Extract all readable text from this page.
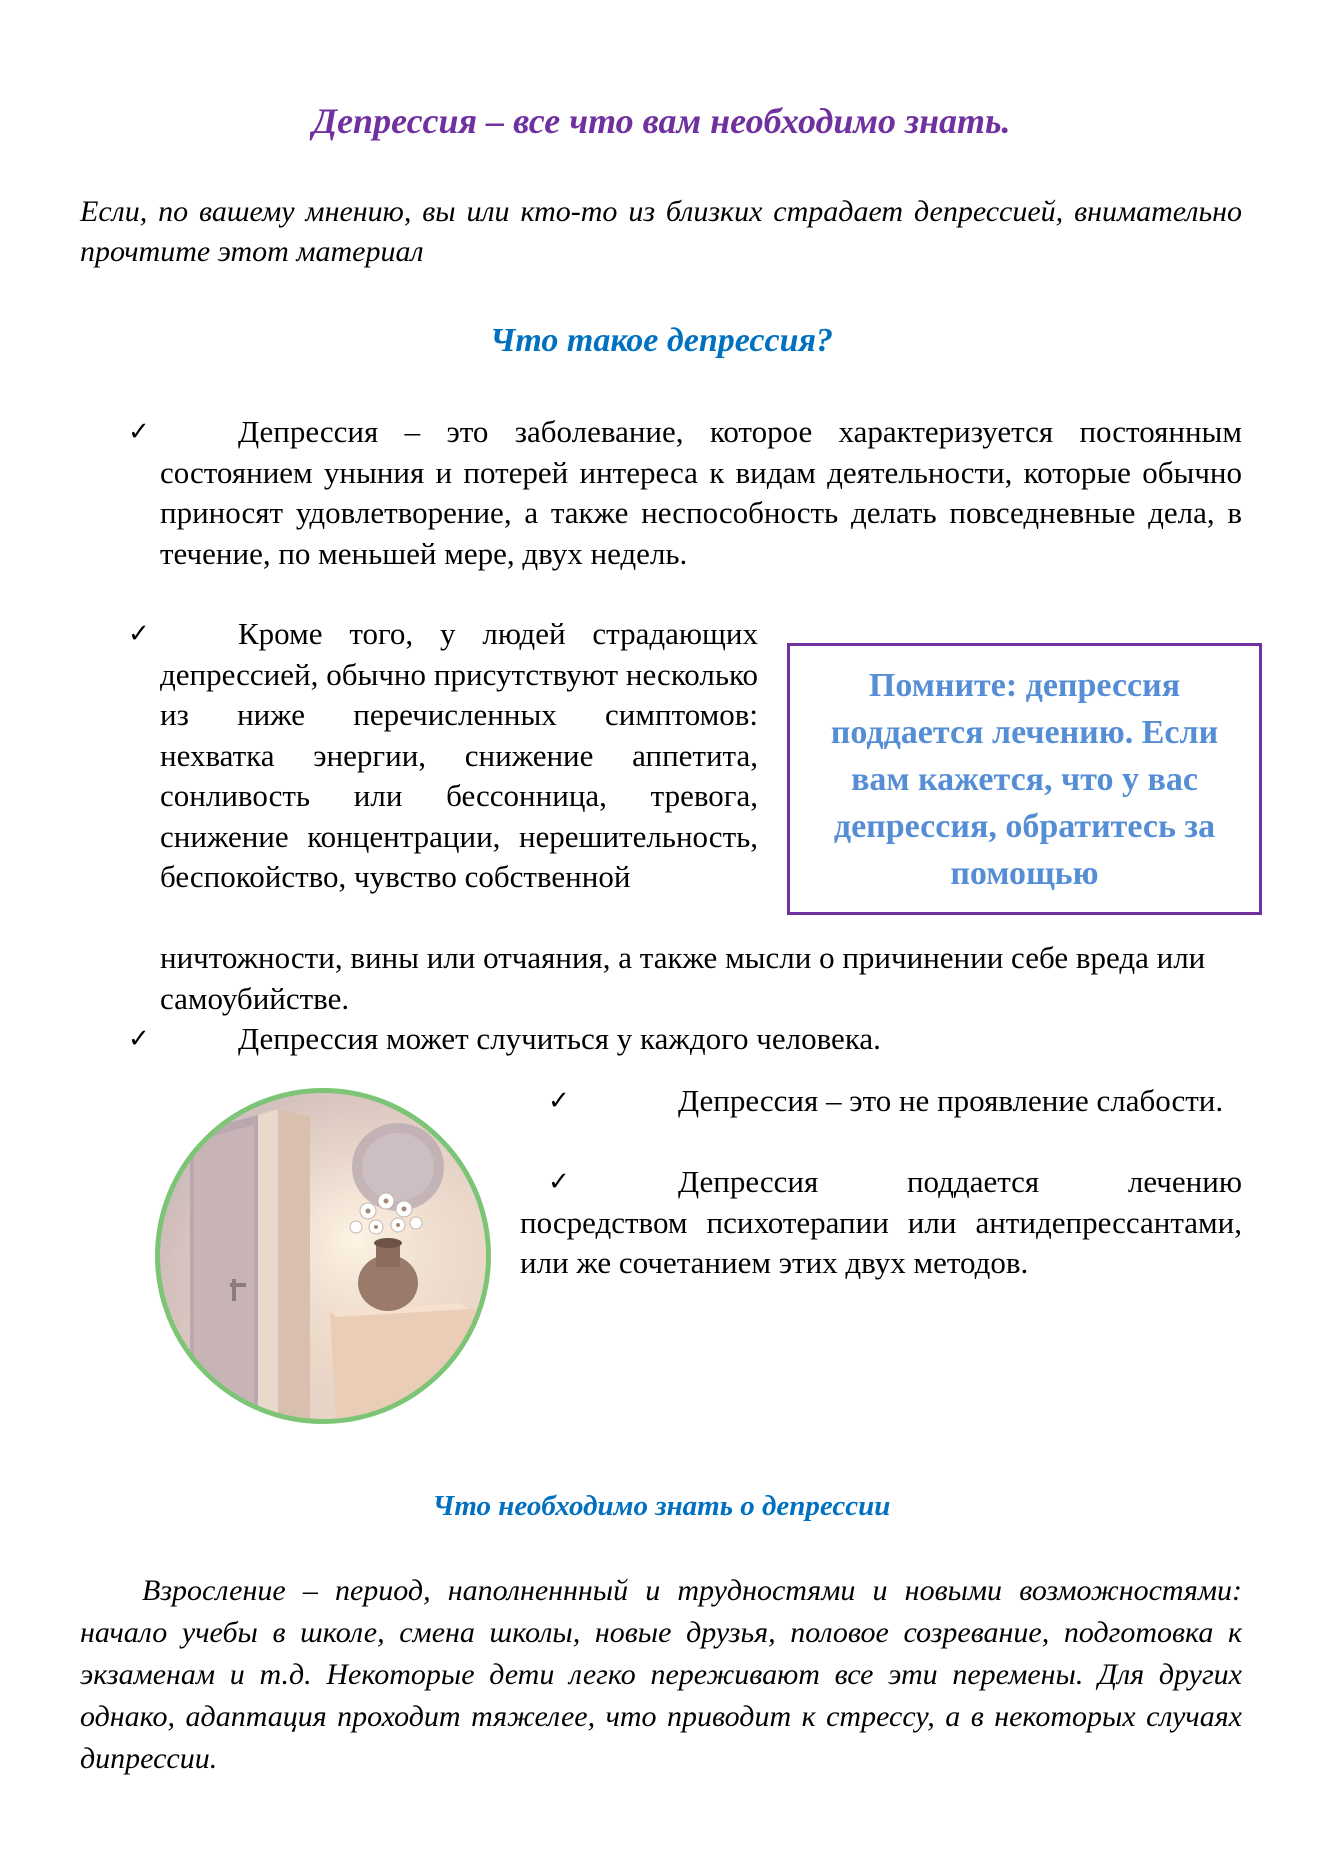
Депрессия – все что вам необходимо знать.

Если, по вашему мнению, вы или кто-то из близких страдает депрессией, внимательно прочтите этот материал

Что такое депрессия?
✓	Депрессия – это заболевание, которое характеризуется постоянным состоянием уныния и потерей интереса к видам деятельности, которые обычно приносят удовлетворение, а также неспособность делать повседневные дела, в течение, по меньшей мере, двух недель.

✓	Кроме того, у людей страдающих депрессией, обычно присутствуют несколько из ниже перечисленных симптомов: нехватка энергии, снижение аппетита, сонливость или бессонница, тревога, снижение концентрации, нерешительность, беспокойство, чувство собственной

ничтожности, вины или отчаяния, а также мысли о причинении себе вреда или самоубийстве.

Помните: депрессия поддается лечению. Если вам кажется, что у вас депрессия, обратитесь за помощью
✓	Депрессия может случиться у каждого человека.

✓	Депрессия – это не проявление слабости.

✓	Депрессия поддается лечению посредством психотерапии или антидепрессантами, или же сочетанием этих двух методов.

Что необходимо знать о депрессии

Взросление – период, наполненнный и трудностями и новыми возможностями: начало учебы в школе, смена школы, новые друзья, половое созревание, подготовка к экзаменам и т.д. Некоторые дети легко переживают все эти перемены. Для других однако, адаптация проходит тяжелее, что приводит к стрессу, а в некоторых случаях дипрессии.
